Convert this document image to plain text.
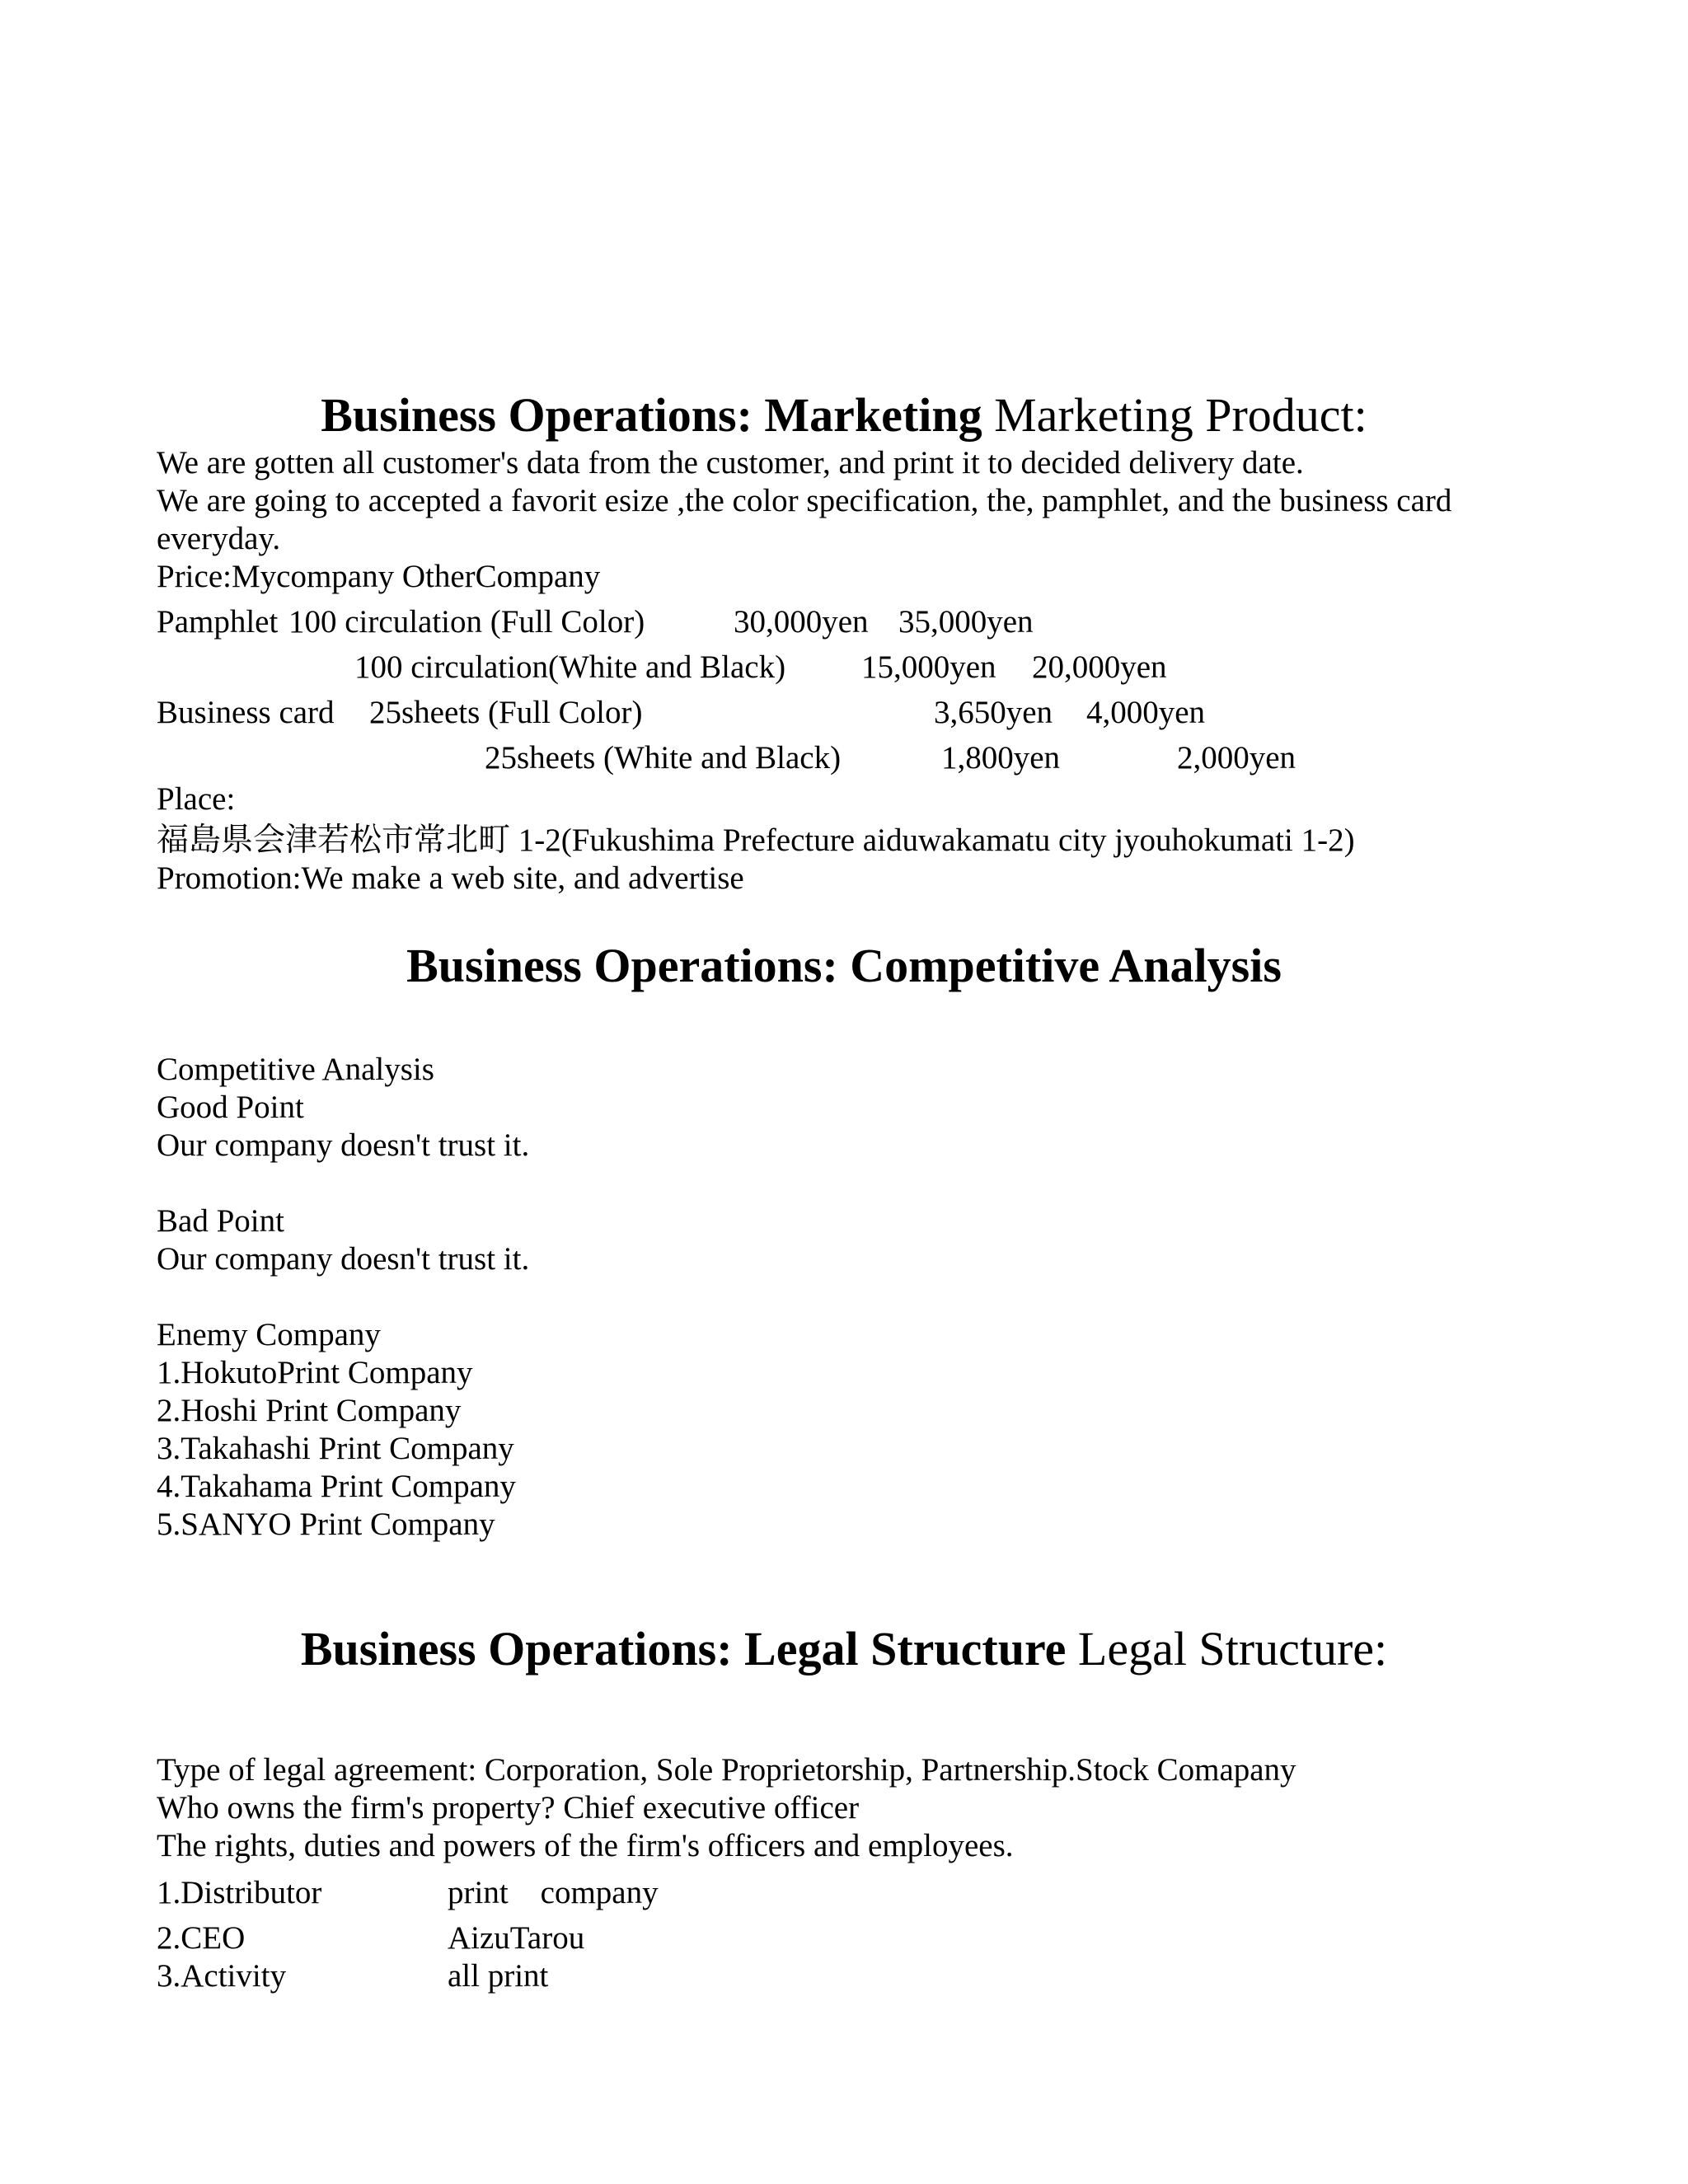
Business Operations: Marketing Marketing Product:
We are gotten all customer's data from the customer, and print it to decided delivery date.
We are going to accepted a favorit esize ,the color specification, the, pamphlet, and the business card
everyday.
Price:Mycompany OtherCompany
Pamphlet 100 circulation (Full Color)	30,000yen 35,000yen
100 circulation(White and Black) 15,000yen 20,000yen
Business card 25sheets (Full Color)	3,650yen 4,000yen
25sheets (White and Black)	1,800yen	2,000yen
Place:
福島県会津若松市常北町 1-2(Fukushima Prefecture aiduwakamatu city jyouhokumati 1-2)
Promotion:We make a web site, and advertise
Business Operations: Competitive Analysis
Competitive Analysis
Good Point
Our company doesn't trust it.
Bad Point
Our company doesn't trust it.
Enemy Company
1.HokutoPrint Company
2.Hoshi Print Company
3.Takahashi Print Company
4.Takahama Print Company
5.SANYO Print Company
Business Operations: Legal Structure Legal Structure:
Type of legal agreement: Corporation, Sole Proprietorship, Partnership.Stock Comapany
Who owns the firm's property? Chief executive officer
The rights, duties and powers of the firm's officers and employees.
1.Distributor	print    company
2.CEO	AizuTarou
3.Activity	all print
